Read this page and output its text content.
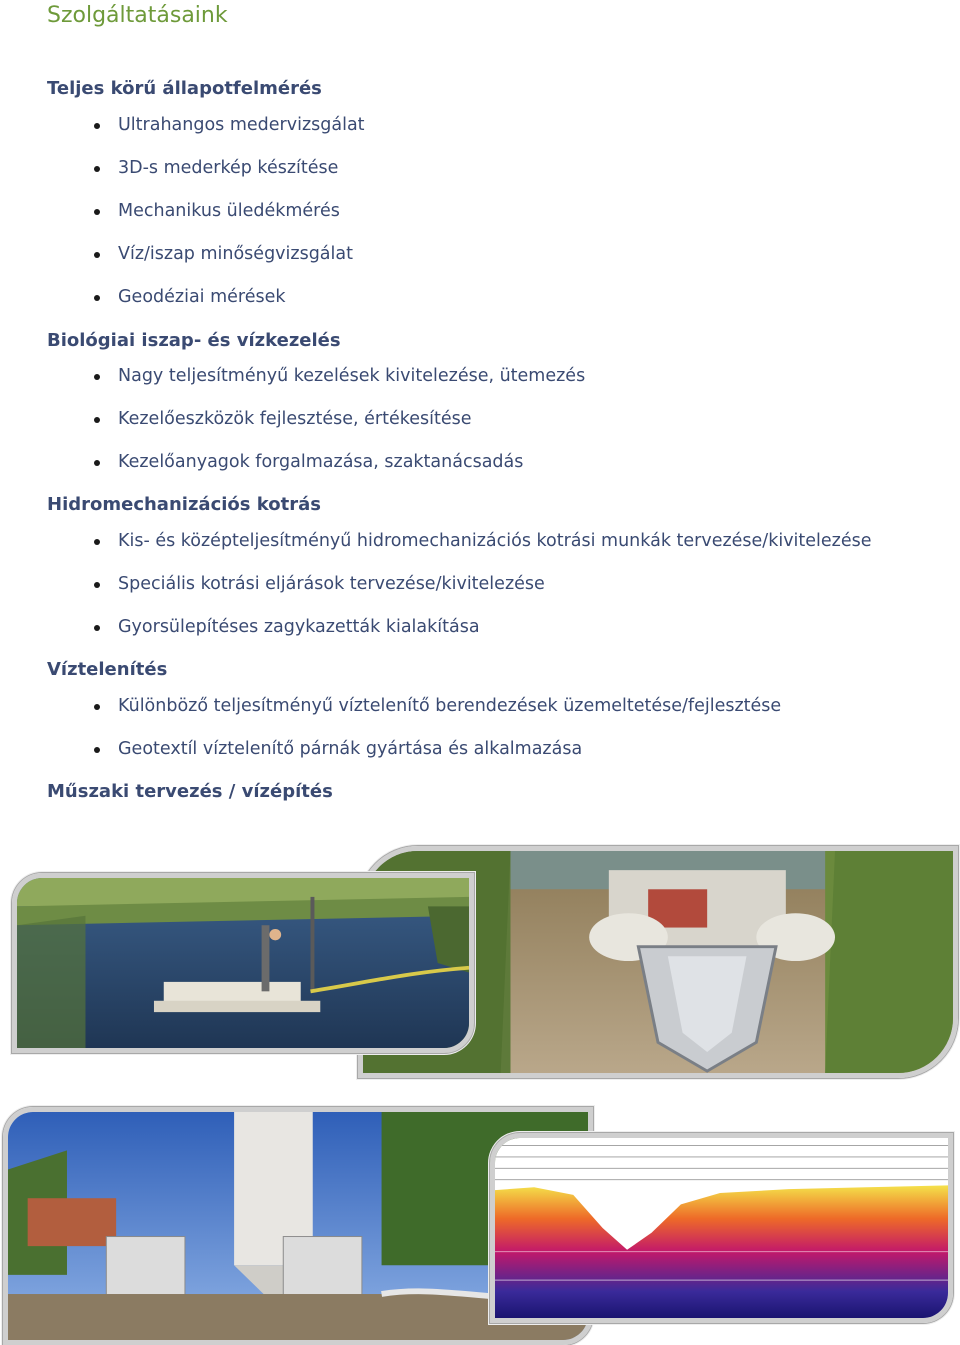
Szolgáltatásaink
Teljes körű állapotfelmérés
Ultrahangos medervizsgálat
3D-s mederkép készítése
Mechanikus üledékmérés
Víz/iszap minőségvizsgálat
Geodéziai mérések
Biológiai iszap- és vízkezelés
Nagy teljesítményű kezelések kivitelezése, ütemezés
Kezelőeszközök fejlesztése, értékesítése
Kezelőanyagok forgalmazása, szaktanácsadás
Hidromechanizációs kotrás
Kis- és középteljesítményű hidromechanizációs kotrási munkák tervezése/kivitelezése
Speciális kotrási eljárások tervezése/kivitelezése
Gyorsülepítéses zagykazetták kialakítása
Víztelenítés
Különböző teljesítményű víztelenítő berendezések üzemeltetése/fejlesztése
Geotextíl víztelenítő párnák gyártása és alkalmazása
Műszaki tervezés / vízépítés
